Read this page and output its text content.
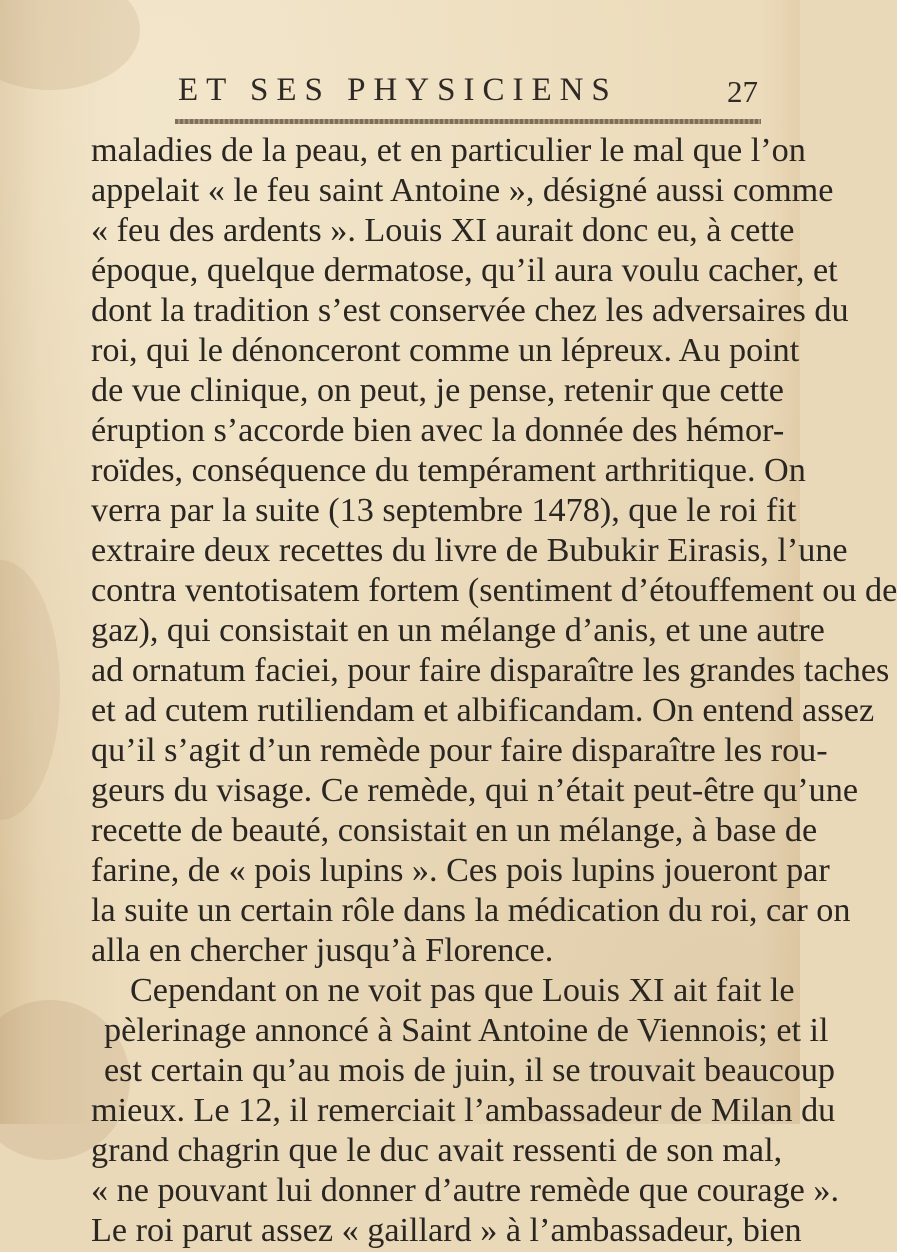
ET SES PHYSICIENS	27
maladies de la peau, et en particulier le mal que l’on
appelait « le feu saint Antoine », désigné aussi comme
« feu des ardents ». Louis XI aurait donc eu, à cette
époque, quelque dermatose, qu’il aura voulu cacher, et
dont la tradition s’est conservée chez les adversaires du
roi, qui le dénonceront comme un lépreux. Au point
de vue clinique, on peut, je pense, retenir que cette
éruption s’accorde bien avec la donnée des hémor-
roïdes, conséquence du tempérament arthritique. On
verra par la suite (13 septembre 1478), que le roi fit
extraire deux recettes du livre de Bubukir Eirasis, l’une
contra ventotisatem fortem (sentiment d’étouffement ou de
gaz), qui consistait en un mélange d’anis, et une autre
ad ornatum faciei, pour faire disparaître les grandes taches
et ad cutem rutiliendam et albificandam. On entend assez
qu’il s’agit d’un remède pour faire disparaître les rou-
geurs du visage. Ce remède, qui n’était peut-être qu’une
recette de beauté, consistait en un mélange, à base de
farine, de « pois lupins ». Ces pois lupins joueront par
la suite un certain rôle dans la médication du roi, car on
alla en chercher jusqu’à Florence.
Cependant on ne voit pas que Louis XI ait fait le
pèlerinage annoncé à Saint Antoine de Viennois; et il
est certain qu’au mois de juin, il se trouvait beaucoup
mieux. Le 12, il remerciait l’ambassadeur de Milan du
grand chagrin que le duc avait ressenti de son mal,
« ne pouvant lui donner d’autre remède que courage ».
Le roi parut assez « gaillard » à l’ambassadeur, bien
